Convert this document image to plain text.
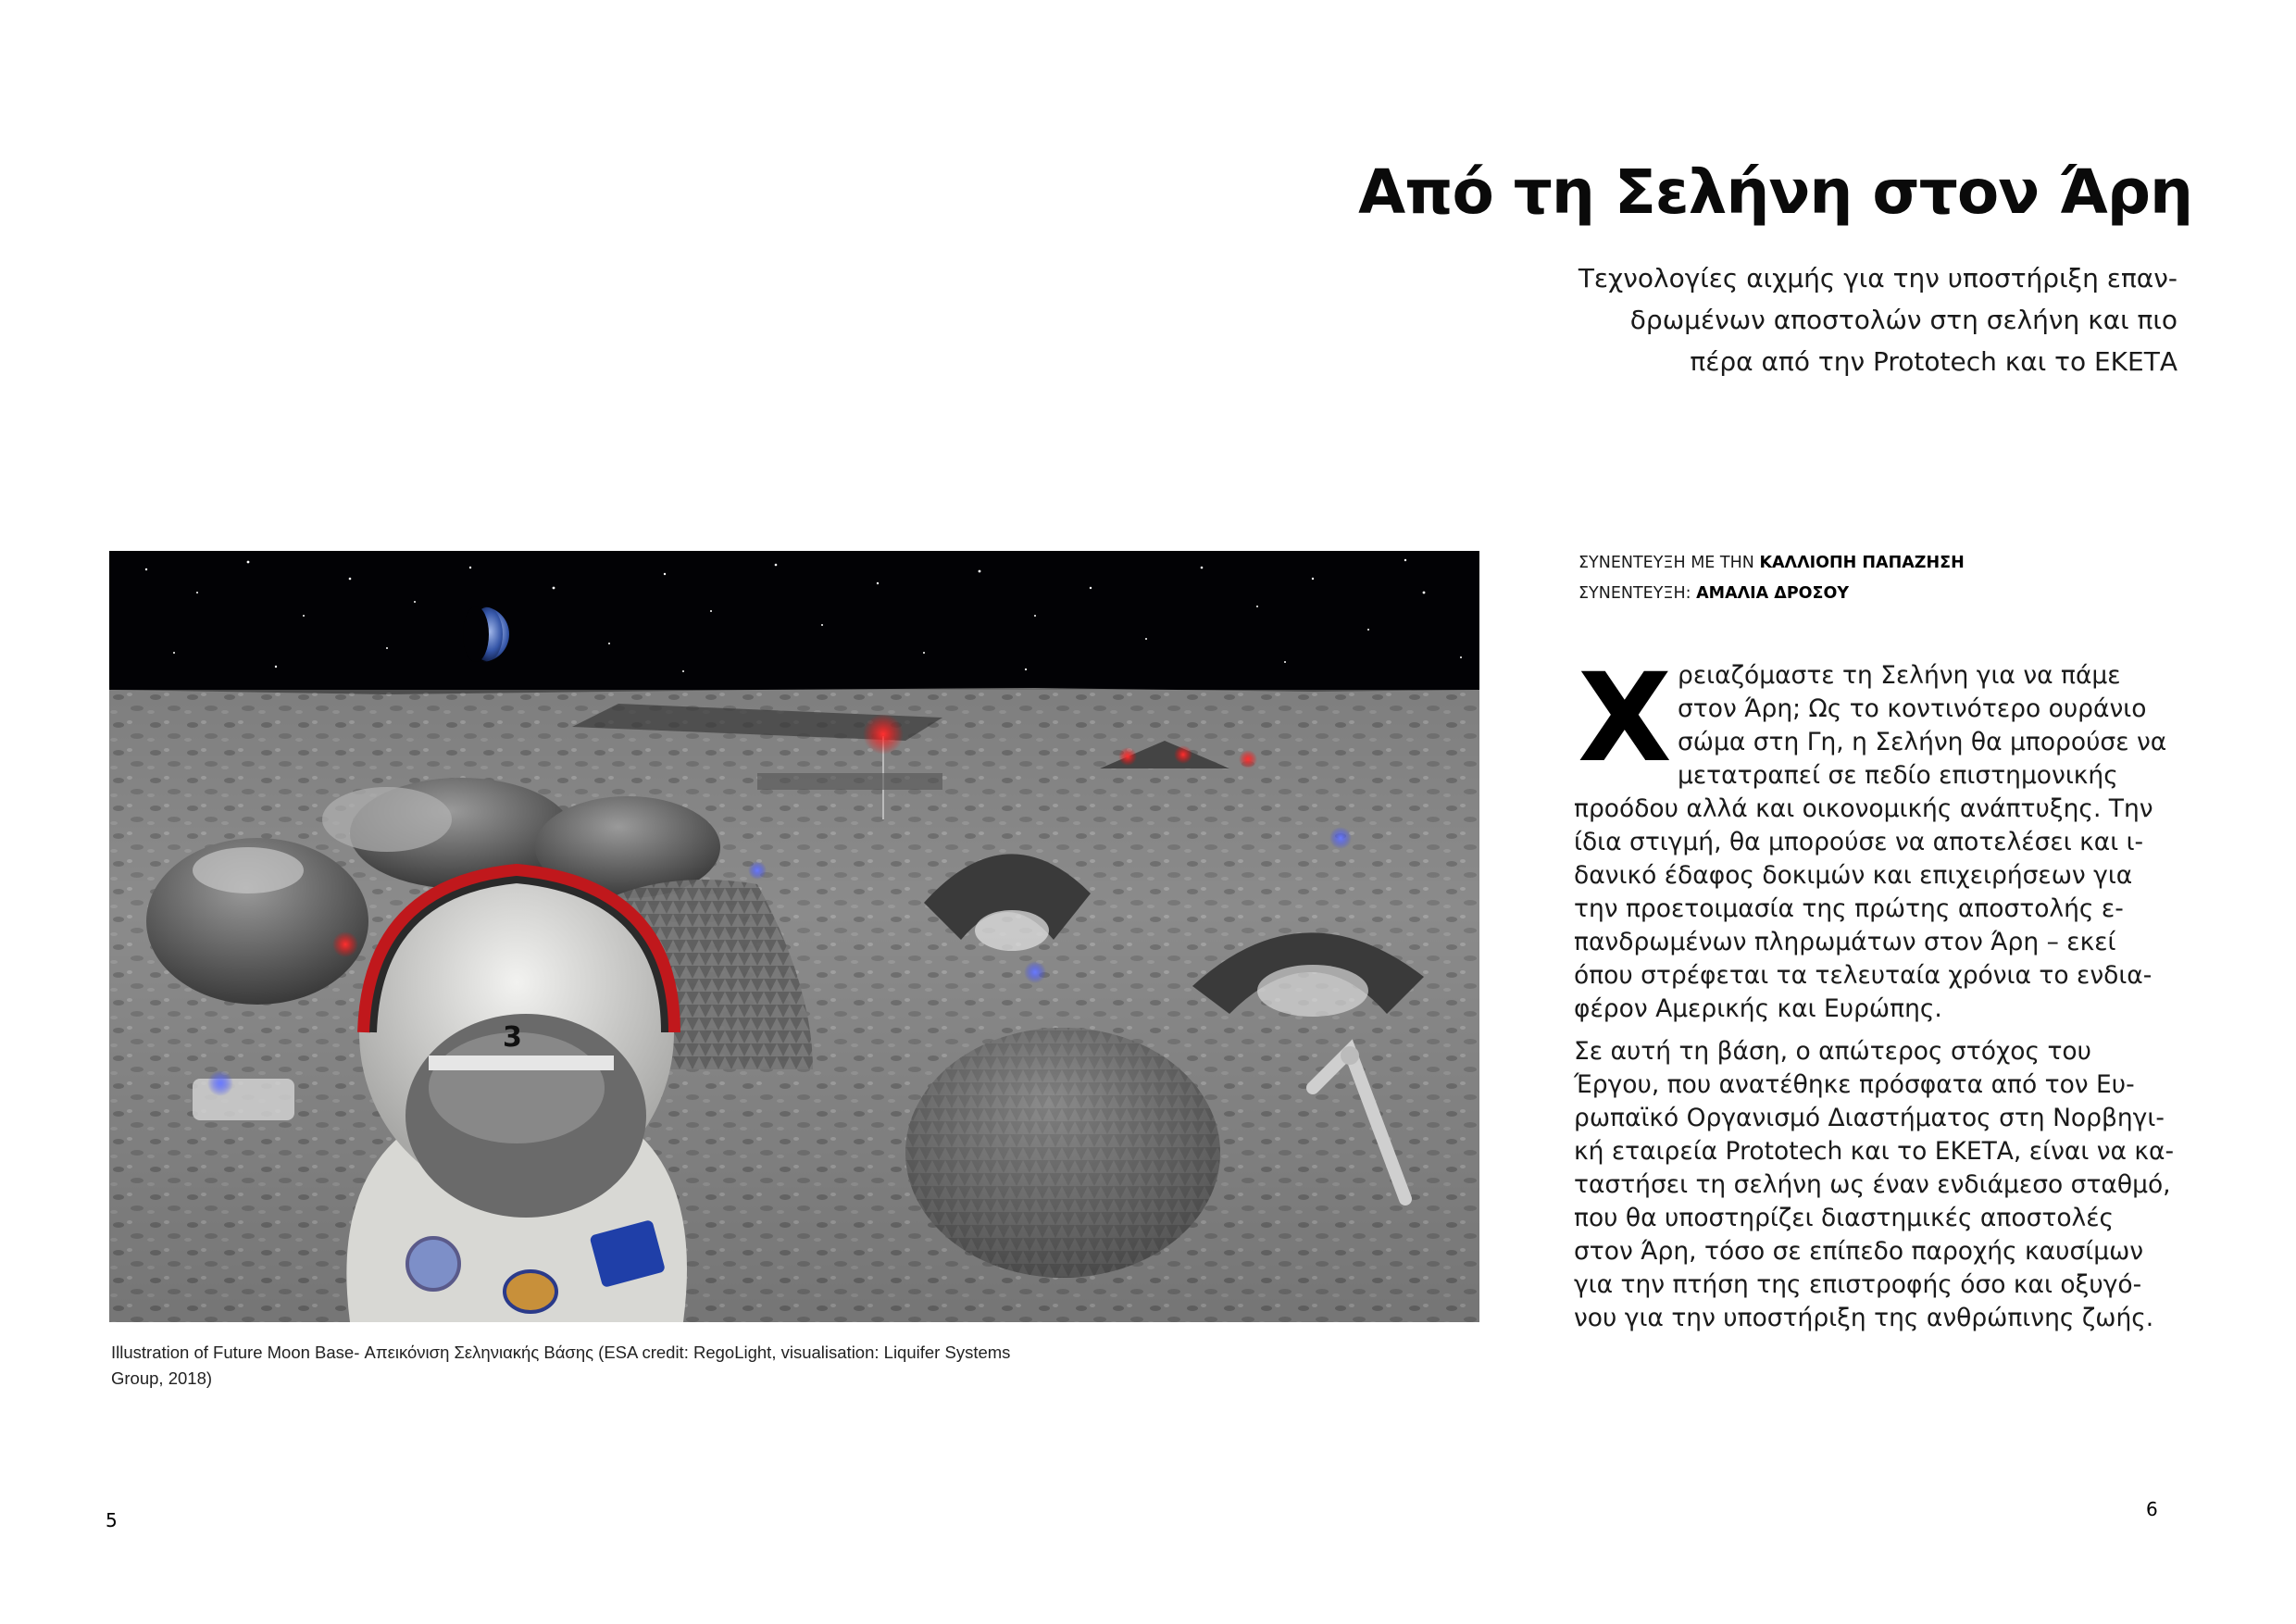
Από τη Σελήνη στον Άρη
Τεχνολογίες αιχμής για την υποστήριξη επαν-
δρωμένων αποστολών στη σελήνη και πιο
πέρα από την Prototech και το ΕΚΕΤΑ
ΣΥΝΕΝΤΕΥΞΗ ΜΕ ΤΗΝ ΚΑΛΛΙΟΠΗ ΠΑΠΑΖΗΣΗ
ΣΥΝΕΝΤΕΥΞΗ: ΑΜΑΛΙΑ ΔΡΟΣΟΥ

Χ ρειαζόμαστε τη Σελήνη για να πάμε
στον Άρη; Ως το κοντινότερο ουράνιο
σώμα στη Γη, η Σελήνη θα μπορούσε να
μετατραπεί σε πεδίο επιστημονικής
προόδου αλλά και οικονομικής ανάπτυξης. Την
ίδια στιγμή, θα μπορούσε να αποτελέσει και ι-
δανικό έδαφος δοκιμών και επιχειρήσεων για
την προετοιμασία της πρώτης αποστολής ε-
πανδρωμένων πληρωμάτων στον Άρη – εκεί
όπου στρέφεται τα τελευταία χρόνια το ενδια-
φέρον Αμερικής και Ευρώπης.

Σε αυτή τη βάση, ο απώτερος στόχος του
Έργου, που ανατέθηκε πρόσφατα από τον Ευ-
ρωπαϊκό Οργανισμό Διαστήματος στη Νορβηγι-
κή εταιρεία Prototech και το ΕΚΕΤΑ, είναι να κα-
ταστήσει τη σελήνη ως έναν ενδιάμεσο σταθμό,
που θα υποστηρίζει διαστημικές αποστολές
στον Άρη, τόσο σε επίπεδο παροχής καυσίμων
για την πτήση της επιστροφής όσο και οξυγό-
νου για την υποστήριξη της ανθρώπινης ζωής.

3
Illustration of Future Moon Base- Απεικόνιση Σεληνιακής Βάσης (ESA credit: RegoLight, visualisation: Liquifer Systems
Group, 2018)
5	6
